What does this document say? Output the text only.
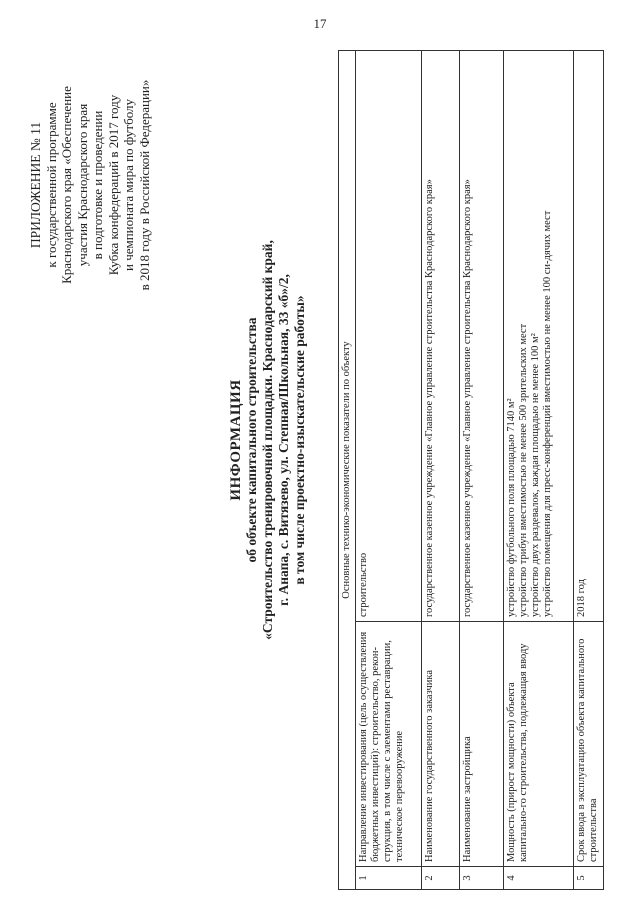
17
ПРИЛОЖЕНИЕ № 11 к государственной программе Краснодарского края «Обеспечение участия Краснодарского края в подготовке и проведении Кубка конфедераций в 2017 году и чемпионата мира по футболу в 2018 году в Российской Федерации»
ИНФОРМАЦИЯ об объекте капитального строительства «Строительство тренировочной площадки. Краснодарский край, г. Анапа, с. Витязево, ул. Степная/Школьная, 33 «б»/2, в том числе проектно-изыскательские работы»	Основные технико-экономические показатели по объекту		
1	Направление инвестирования (цель осуществления бюджетных инвестиций): строительство, рекон-струкция, в том числе с элементами реставрации, техническое перевооружение	строительство

2	Наименование государственного заказчика	государственное казенное учреждение «Главное управление строительства Краснодарского края»

3	Наименование застройщика	государственное казенное учреждение «Главное управление строительства Краснодарского края»

4	Мощность (прирост мощности) объекта капитально-го строительства, подлежащая вводу	устройство футбольного поля площадью 7140 м² устройство трибун вместимостью не менее 500 зрительских мест устройство двух раздевалок, каждая площадью не менее 100 м² устройство помещения для пресс-конференций вместимостью не менее 100 си-дячих мест

5	Срок ввода в эксплуатацию объекта капитального строительства	2018 год
